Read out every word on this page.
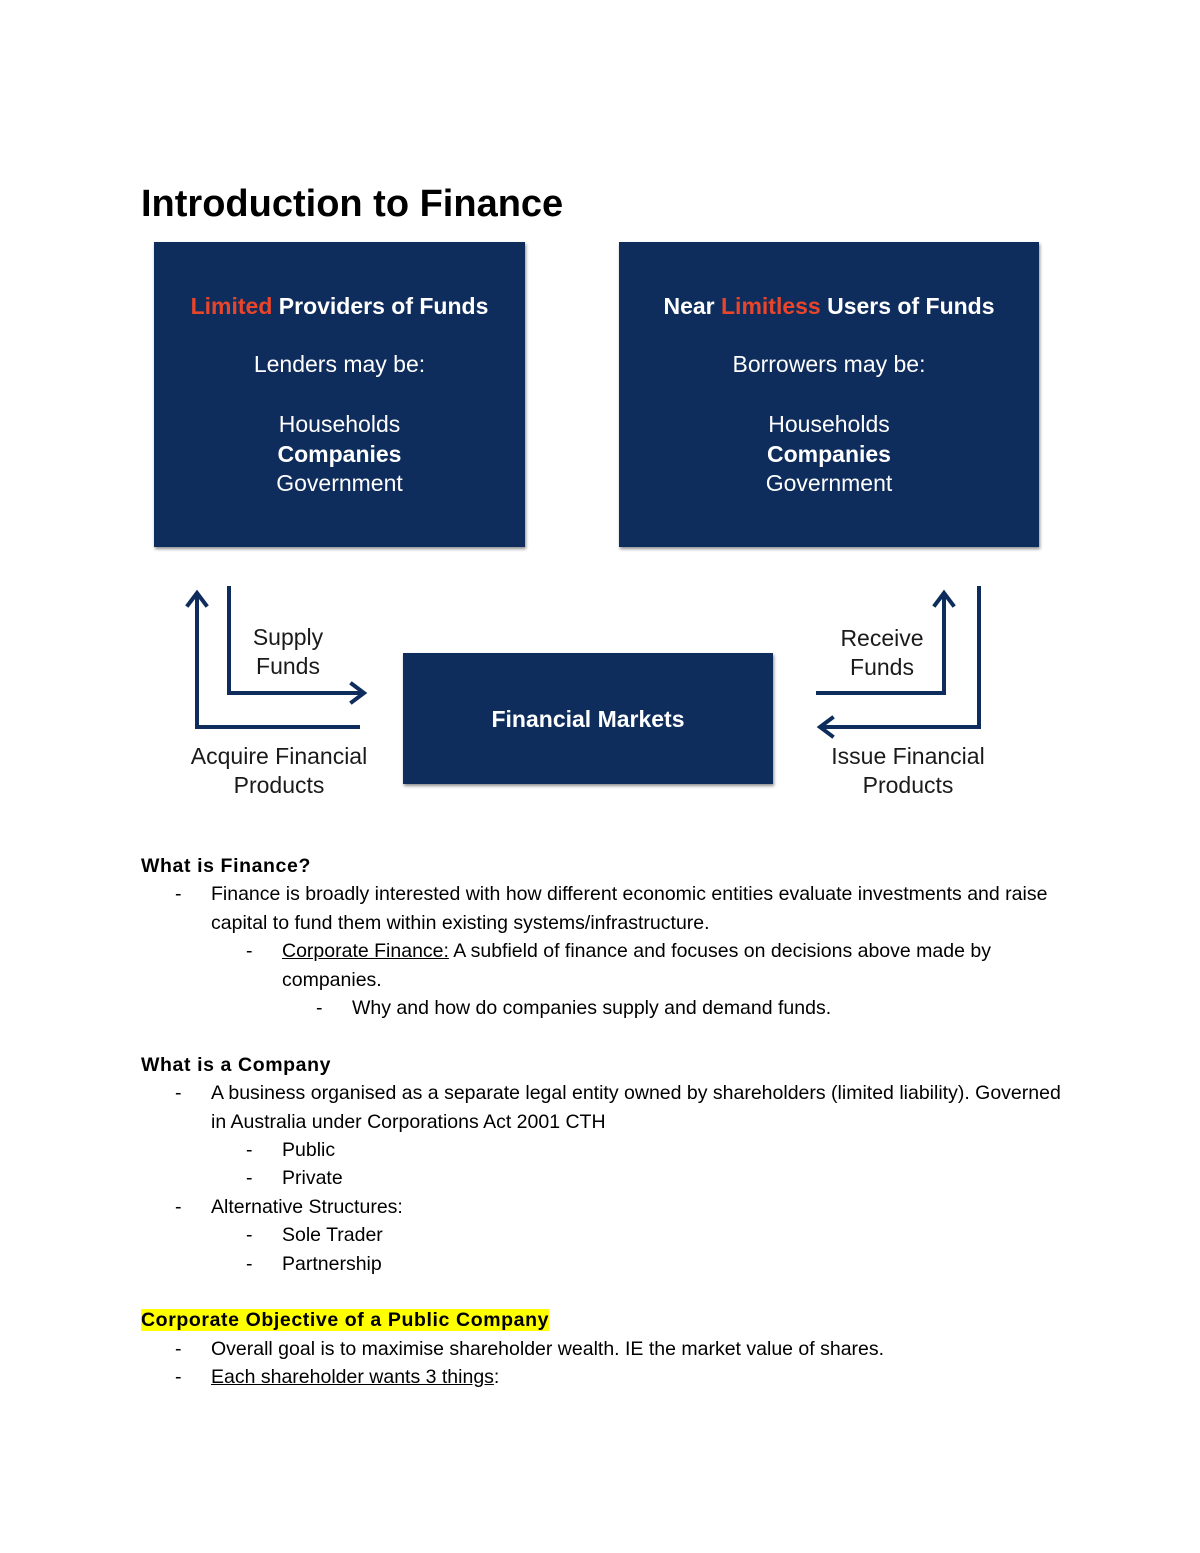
Introduction to Finance
Limited Providers of Funds
Lenders may be:
Households
Companies
Government
Near Limitless Users of Funds
Borrowers may be:
Households
Companies
Government
Financial Markets
Supply
Funds
Acquire Financial
Products
Receive
Funds
Issue Financial
Products
What is Finance?
- Finance is broadly interested with how different economic entities evaluate investments and raise capital to fund them within existing systems/infrastructure.
- Corporate Finance: A subfield of finance and focuses on decisions above made by companies.
- Why and how do companies supply and demand funds.
What is a Company
- A business organised as a separate legal entity owned by shareholders (limited liability). Governed in Australia under Corporations Act 2001 CTH
- Public
- Private
- Alternative Structures:
- Sole Trader
- Partnership
Corporate Objective of a Public Company
- Overall goal is to maximise shareholder wealth. IE the market value of shares.
- Each shareholder wants 3 things:
